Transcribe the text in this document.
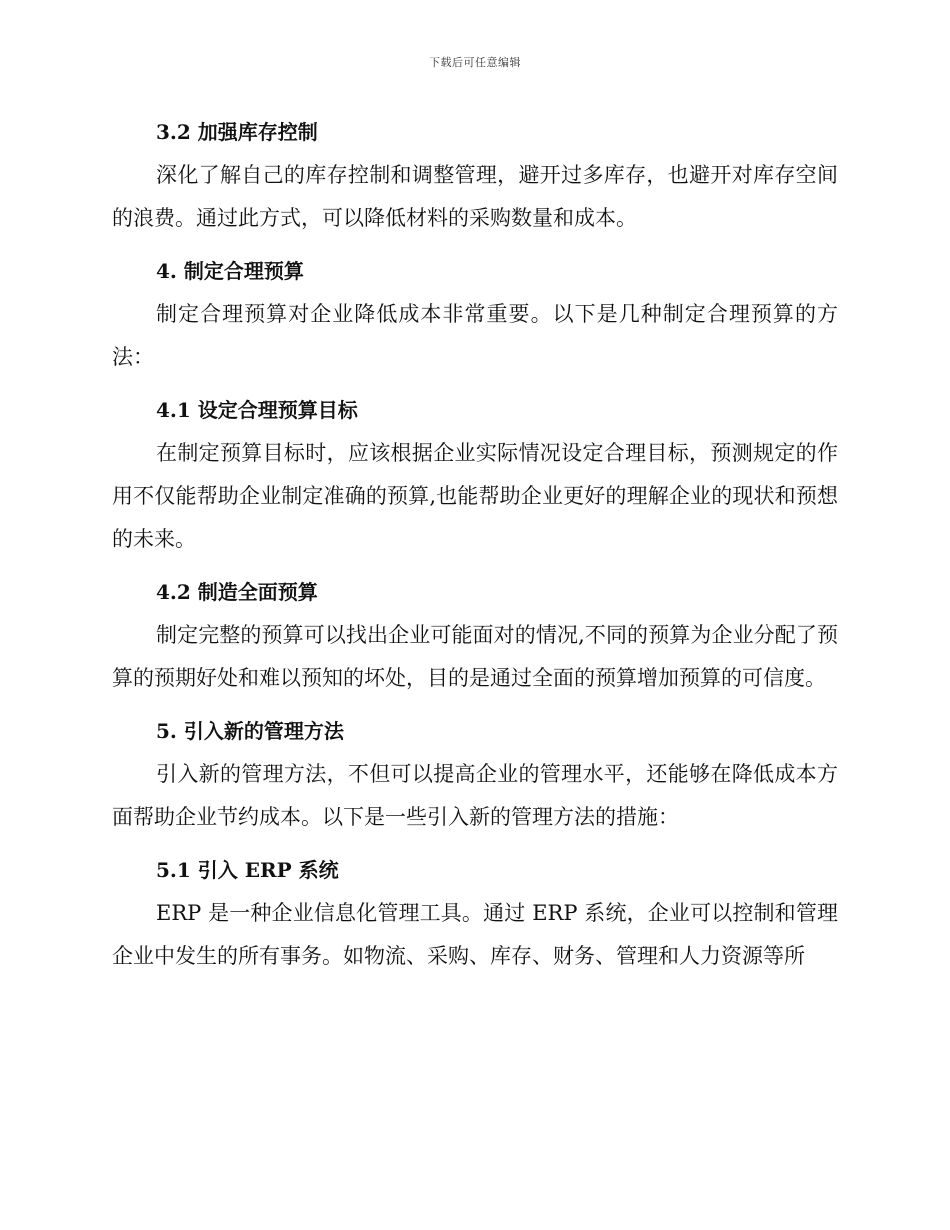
下载后可任意编辑
3.2 加强库存控制

深化了解自己的库存控制和调整管理，避开过多库存，也避开对库存空间的浪费。通过此方式，可以降低材料的采购数量和成本。

4. 制定合理预算

制定合理预算对企业降低成本非常重要。以下是几种制定合理预算的方法：

4.1 设定合理预算目标

在制定预算目标时，应该根据企业实际情况设定合理目标，预测规定的作用不仅能帮助企业制定准确的预算,也能帮助企业更好的理解企业的现状和预想的未来。

4.2 制造全面预算

制定完整的预算可以找出企业可能面对的情况,不同的预算为企业分配了预算的预期好处和难以预知的坏处，目的是通过全面的预算增加预算的可信度。

5. 引入新的管理方法

引入新的管理方法，不但可以提高企业的管理水平，还能够在降低成本方面帮助企业节约成本。以下是一些引入新的管理方法的措施：

5.1 引入 ERP 系统

ERP 是一种企业信息化管理工具。通过 ERP 系统，企业可以控制和管理企业中发生的所有事务。如物流、采购、库存、财务、管理和人力资源等所
